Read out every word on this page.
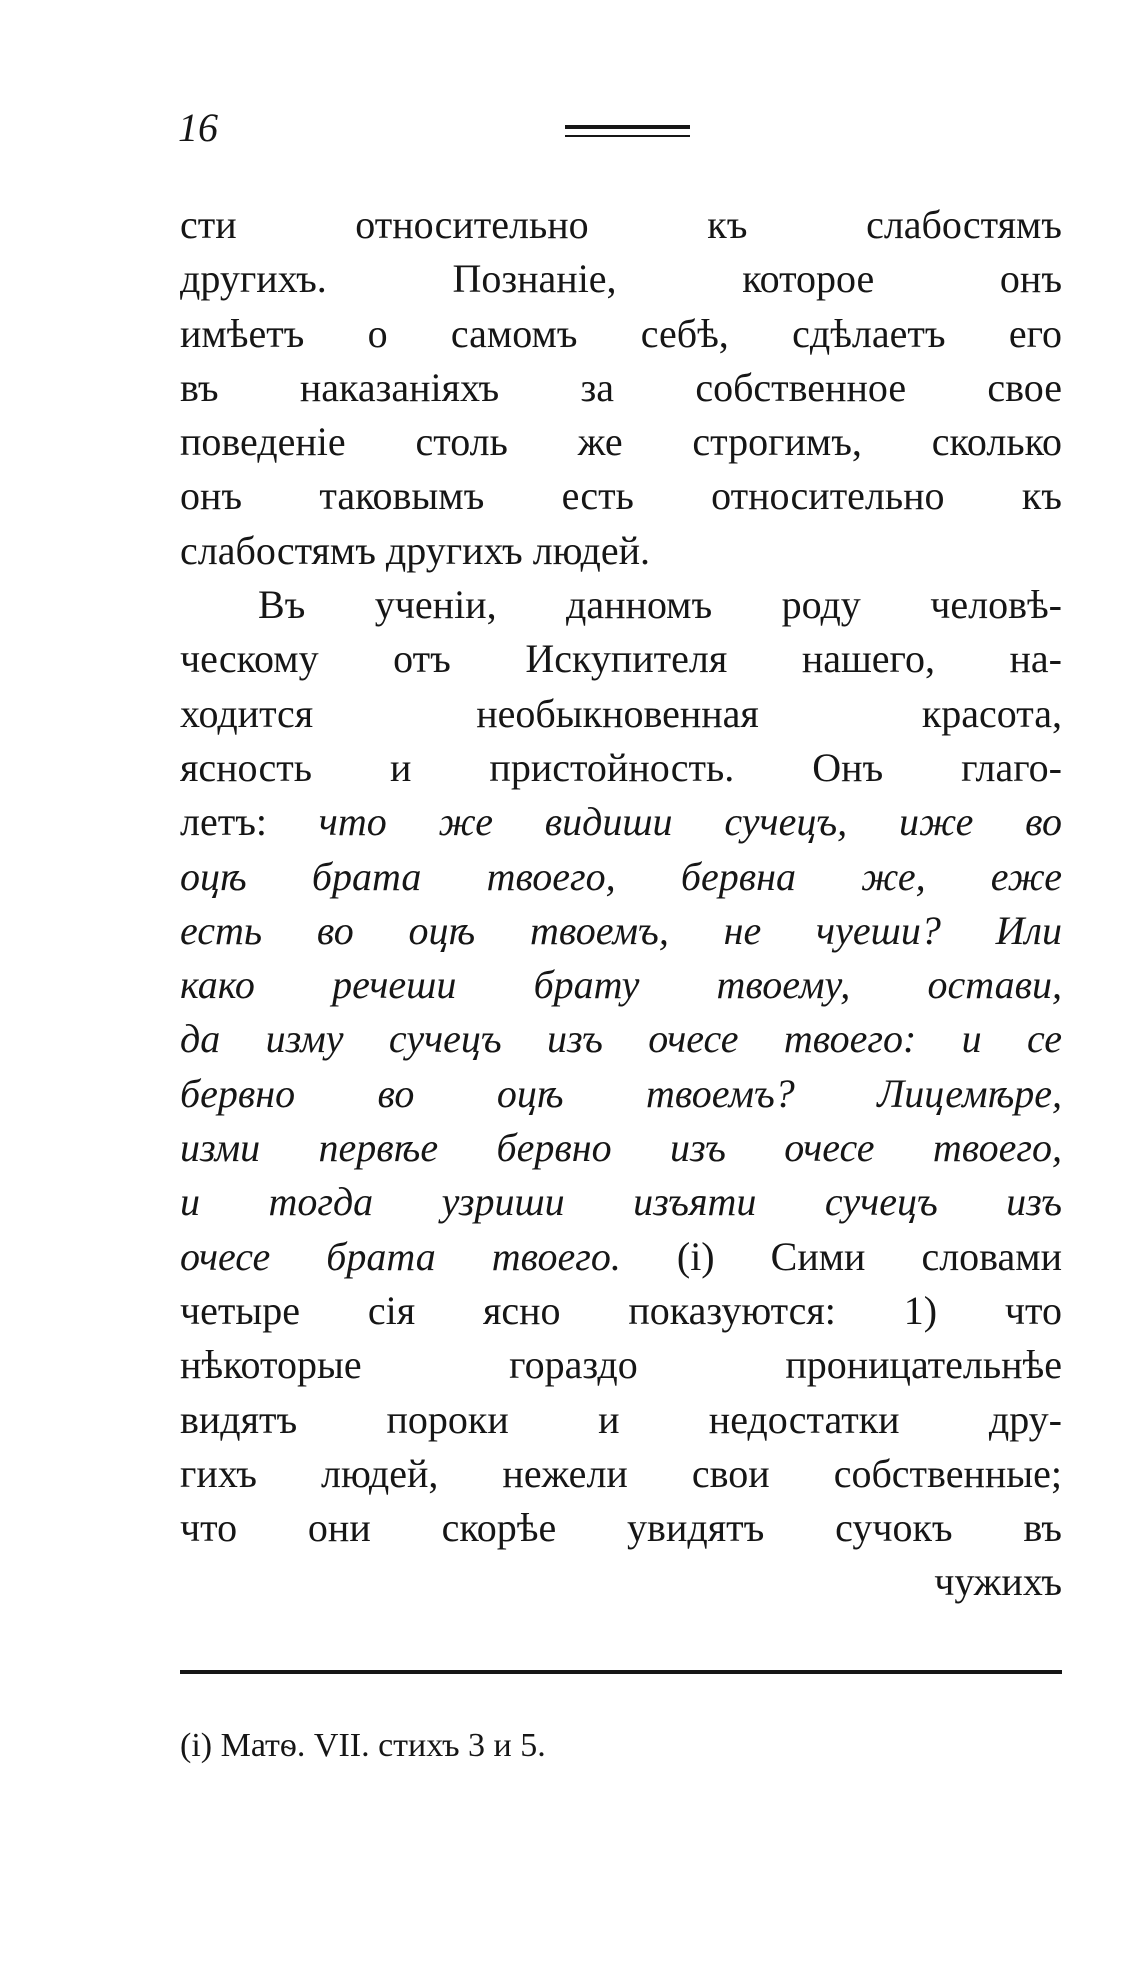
16
сти относительно къ слабостямъ
другихъ. Познаніе, которое онъ
имѣетъ о самомъ себѣ, сдѣлаетъ его
въ наказаніяхъ за собственное свое
поведеніе столь же строгимъ, сколько
онъ таковымъ есть относительно къ
слабостямъ другихъ людей.
Въ ученіи, данномъ роду человѣ-
ческому отъ Искупителя нашего, на-
ходится необыкновенная красота,
ясность и пристойность. Онъ глаго-
летъ: что же видиши сучецъ, иже во
оцѣ брата твоего, бервна же, еже
есть во оцѣ твоемъ, не чуеши? Или
како речеши брату твоему, остави,
да изму сучецъ изъ очесе твоего: и се
бервно во оцѣ твоемъ? Лицемѣре,
изми первѣе бервно изъ очесе твоего,
и тогда узриши изъяти сучецъ изъ
очесе брата твоего. (і) Сими словами
четыре сія ясно показуются: 1) что
нѣкоторые гораздо проницательнѣе
видятъ пороки и недостатки дру-
гихъ людей, нежели свои собственные;
что они скорѣе увидятъ сучокъ въ
чужихъ
(і) Матѳ. VII. стихъ 3 и 5.
